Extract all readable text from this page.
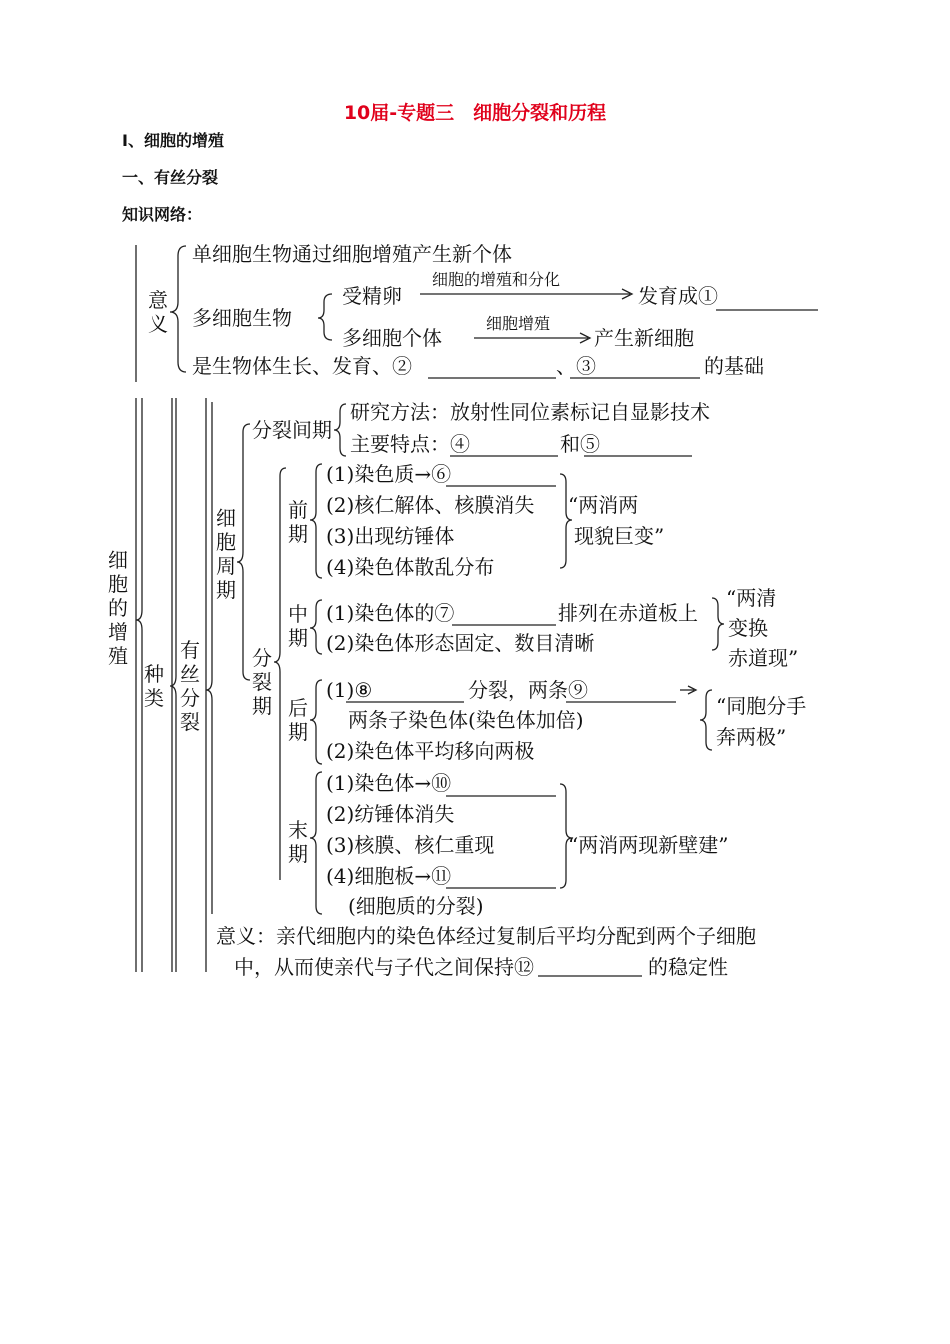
10届-专题三　细胞分裂和历程
Ⅰ、细胞的增殖
一、有丝分裂
知识网络：
意义
单细胞生物通过细胞增殖产生新个体
多细胞生物
受精卵
细胞的增殖和分化
发育成①
多细胞个体
细胞增殖
产生新细胞
是生物体生长、发育、②	、③	的基础
细胞的增殖
种类
有丝分裂
细胞周期
分裂期
分裂间期
研究方法：放射性同位素标记自显影技术
主要特点：④	和⑤
前期
(1)染色质→⑥
(2)核仁解体、核膜消失
(3)出现纺锤体
(4)染色体散乱分布
“两消两
现貌巨变”
中期
(1)染色体的⑦	排列在赤道板上
(2)染色体形态固定、数目清晰
“两清
变换
赤道现”
后期
(1)⑧	分裂，两条⑨
两条子染色体(染色体加倍)
(2)染色体平均移向两极
“同胞分手
奔两极”
末期
(1)染色体→⑩
(2)纺锤体消失
(3)核膜、核仁重现
(4)细胞板→⑪
(细胞质的分裂)
“两消两现新壁建”
意义：亲代细胞内的染色体经过复制后平均分配到两个子细胞
中，从而使亲代与子代之间保持⑫	的稳定性
